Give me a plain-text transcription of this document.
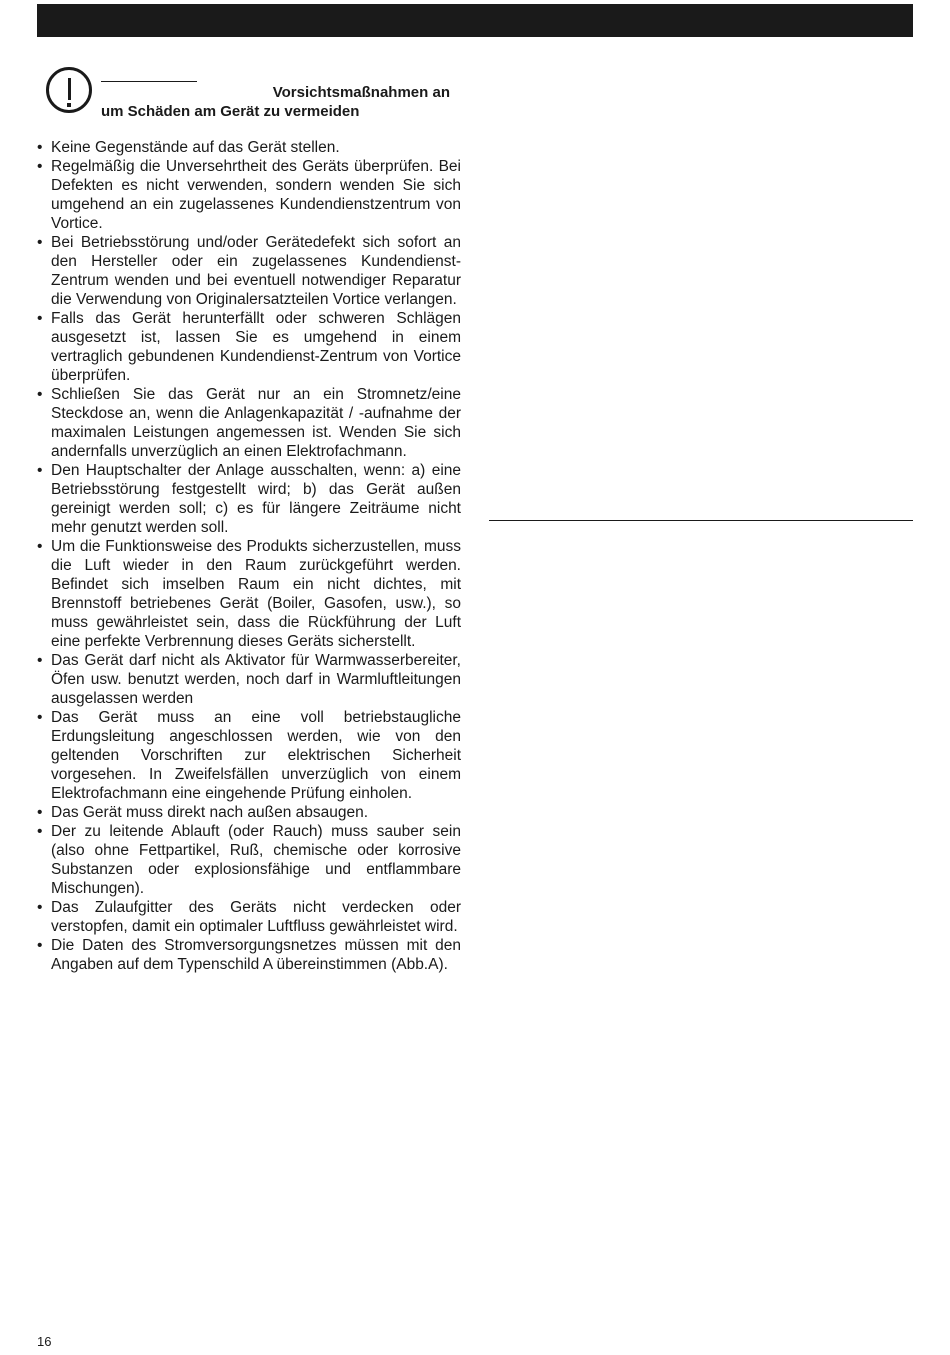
Vorsichtsmaßnahmen an
um Schäden am Gerät zu vermeiden
• Keine Gegenstände auf das Gerät stellen.
• Regelmäßig die Unversehrtheit des Geräts überprüfen. Bei Defekten es nicht verwenden, sondern wenden Sie sich umgehend an ein zugelassenes Kundendienstzentrum von Vortice.
• Bei Betriebsstörung und/oder Gerätedefekt sich sofort an den Hersteller oder ein zugelassenes Kundendienst-Zentrum wenden und bei eventuell notwendiger Reparatur die Verwendung von Originalersatzteilen Vortice verlangen.
• Falls das Gerät herunterfällt oder schweren Schlägen ausgesetzt ist, lassen Sie es umgehend in einem vertraglich gebundenen Kundendienst-Zentrum von Vortice überprüfen.
• Schließen Sie das Gerät nur an ein Stromnetz/eine Steckdose an, wenn die Anlagenkapazität / -aufnahme der maximalen Leistungen angemessen ist. Wenden Sie sich andernfalls unverzüglich an einen Elektrofachmann.
• Den Hauptschalter der Anlage ausschalten, wenn: a) eine Betriebsstörung festgestellt wird; b) das Gerät außen gereinigt werden soll; c) es für längere Zeiträume nicht mehr genutzt werden soll.
• Um die Funktionsweise des Produkts sicherzustellen, muss die Luft wieder in den Raum zurückgeführt werden. Befindet sich imselben Raum ein nicht dichtes, mit Brennstoff betriebenes Gerät (Boiler, Gasofen, usw.), so muss gewährleistet sein, dass die Rückführung der Luft eine perfekte Verbrennung dieses Geräts sicherstellt.
• Das Gerät darf nicht als Aktivator für Warmwasserbereiter, Öfen usw. benutzt werden, noch darf in Warmluftleitungen ausgelassen werden
• Das Gerät muss an eine voll betriebstaugliche Erdungsleitung angeschlossen werden, wie von den geltenden Vorschriften zur elektrischen Sicherheit vorgesehen. In Zweifelsfällen unverzüglich von einem Elektrofachmann eine eingehende Prüfung einholen.
• Das Gerät muss direkt nach außen absaugen.
• Der zu leitende Ablauft (oder Rauch) muss sauber sein (also ohne Fettpartikel, Ruß, chemische oder korrosive Substanzen oder explosionsfähige und entflammbare Mischungen).
• Das Zulaufgitter des Geräts nicht verdecken oder verstopfen, damit ein optimaler Luftfluss gewährleistet wird.
• Die Daten des Stromversorgungsnetzes müssen mit den Angaben auf dem Typenschild A übereinstimmen (Abb.A).
16
